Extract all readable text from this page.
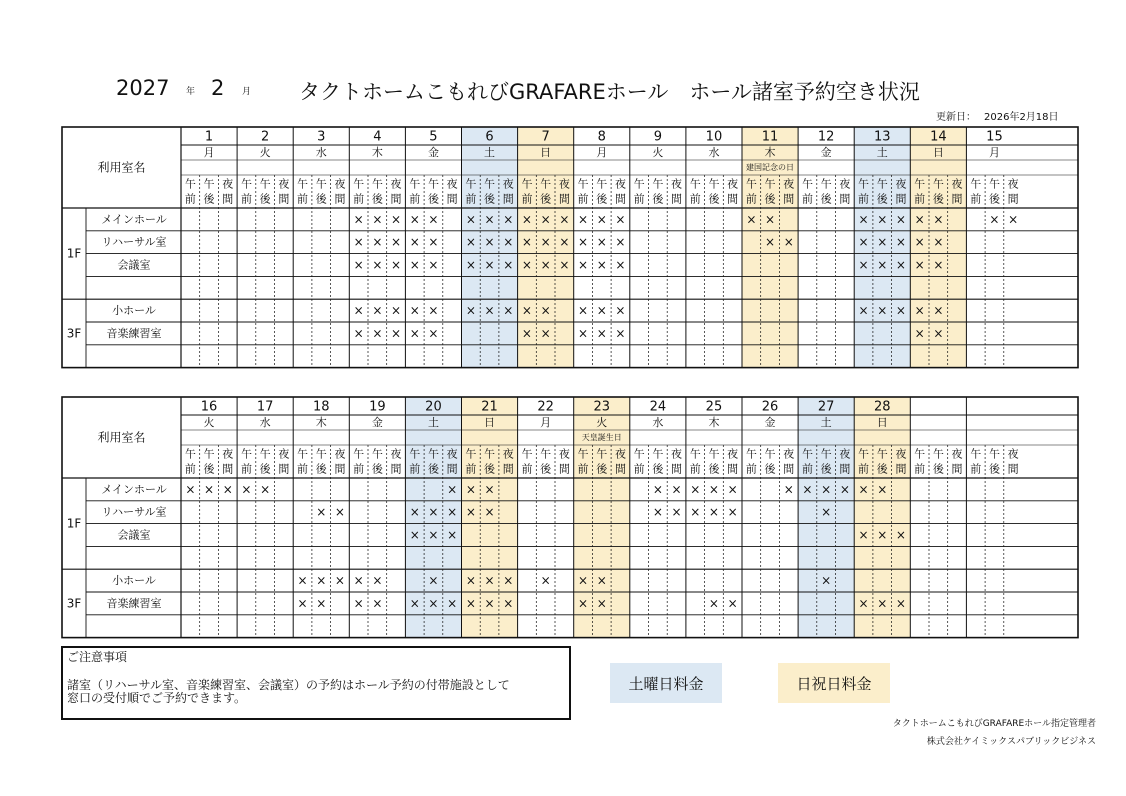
2027 年 2 月 タクトホームこもれびGRAFAREホール　ホール諸室予約空き状況
更新日： 2026年2月18日
利用室名
1
月
午
前
午
後
夜
間
2
火
午
前
午
後
夜
間
3
水
午
前
午
後
夜
間
4
木
午
前
午
後
夜
間
5
金
午
前
午
後
夜
間
6
土
午
前
午
後
夜
間
7
日
午
前
午
後
夜
間
8
月
午
前
午
後
夜
間
9
火
午
前
午
後
夜
間
10
水
午
前
午
後
夜
間
11
木
建国記念の日
午
前
午
後
夜
間
12
金
午
前
午
後
夜
間
13
土
午
前
午
後
夜
間
14
日
午
前
午
後
夜
間
15
月
午
前
午
後
夜
間
メインホール
リハーサル室
会議室
小ホール
音楽練習室
1F
3F
× × ×
× × ×
× × ×
× × ×
× × ×
× ×
× ×
× ×
× ×
× ×
× × ×
× × ×
× × ×
× × ×
× × ×
× × ×
× × ×
× ×
× ×
× × ×
× × ×
× × ×
× × ×
× × ×
× ×
× ×
× × ×
× × ×
× × ×
× × ×
× ×
× ×
× ×
× ×
× ×
× ×
利用室名
16
火
午
前
午
後
夜
間
17
水
午
前
午
後
夜
間
18
木
午
前
午
後
夜
間
19
金
午
前
午
後
夜
間
20
土
午
前
午
後
夜
間
21
日
午
前
午
後
夜
間
22
月
午
前
午
後
夜
間
23
火
天皇誕生日
午
前
午
後
夜
間
24
水
午
前
午
後
夜
間
25
木
午
前
午
後
夜
間
26
金
午
前
午
後
夜
間
27
土
午
前
午
後
夜
間
28
日
午
前
午
後
夜
間
午
前
午
後
夜
間
午
前
午
後
夜
間
メインホール
リハーサル室
会議室
小ホール
音楽練習室
1F
3F
× × × × ×
× ×
× × ×
× ×
× ×
× ×
×
× × ×
× × ×
×
× × ×
× ×
× ×
× × ×
× × ×
× × ×
× ×
× ×
× ×
× × ×
× × ×
× ×
× × × ×
×
×
× ×
× × ×
× × ×
ご注意事項
諸室（リハーサル室、音楽練習室、会議室）の予約はホール予約の付帯施設として
窓口の受付順でご予約できます。
土曜日料金	日祝日料金
タクトホームこもれびGRAFAREホール指定管理者
株式会社ケイミックスパブリックビジネス
